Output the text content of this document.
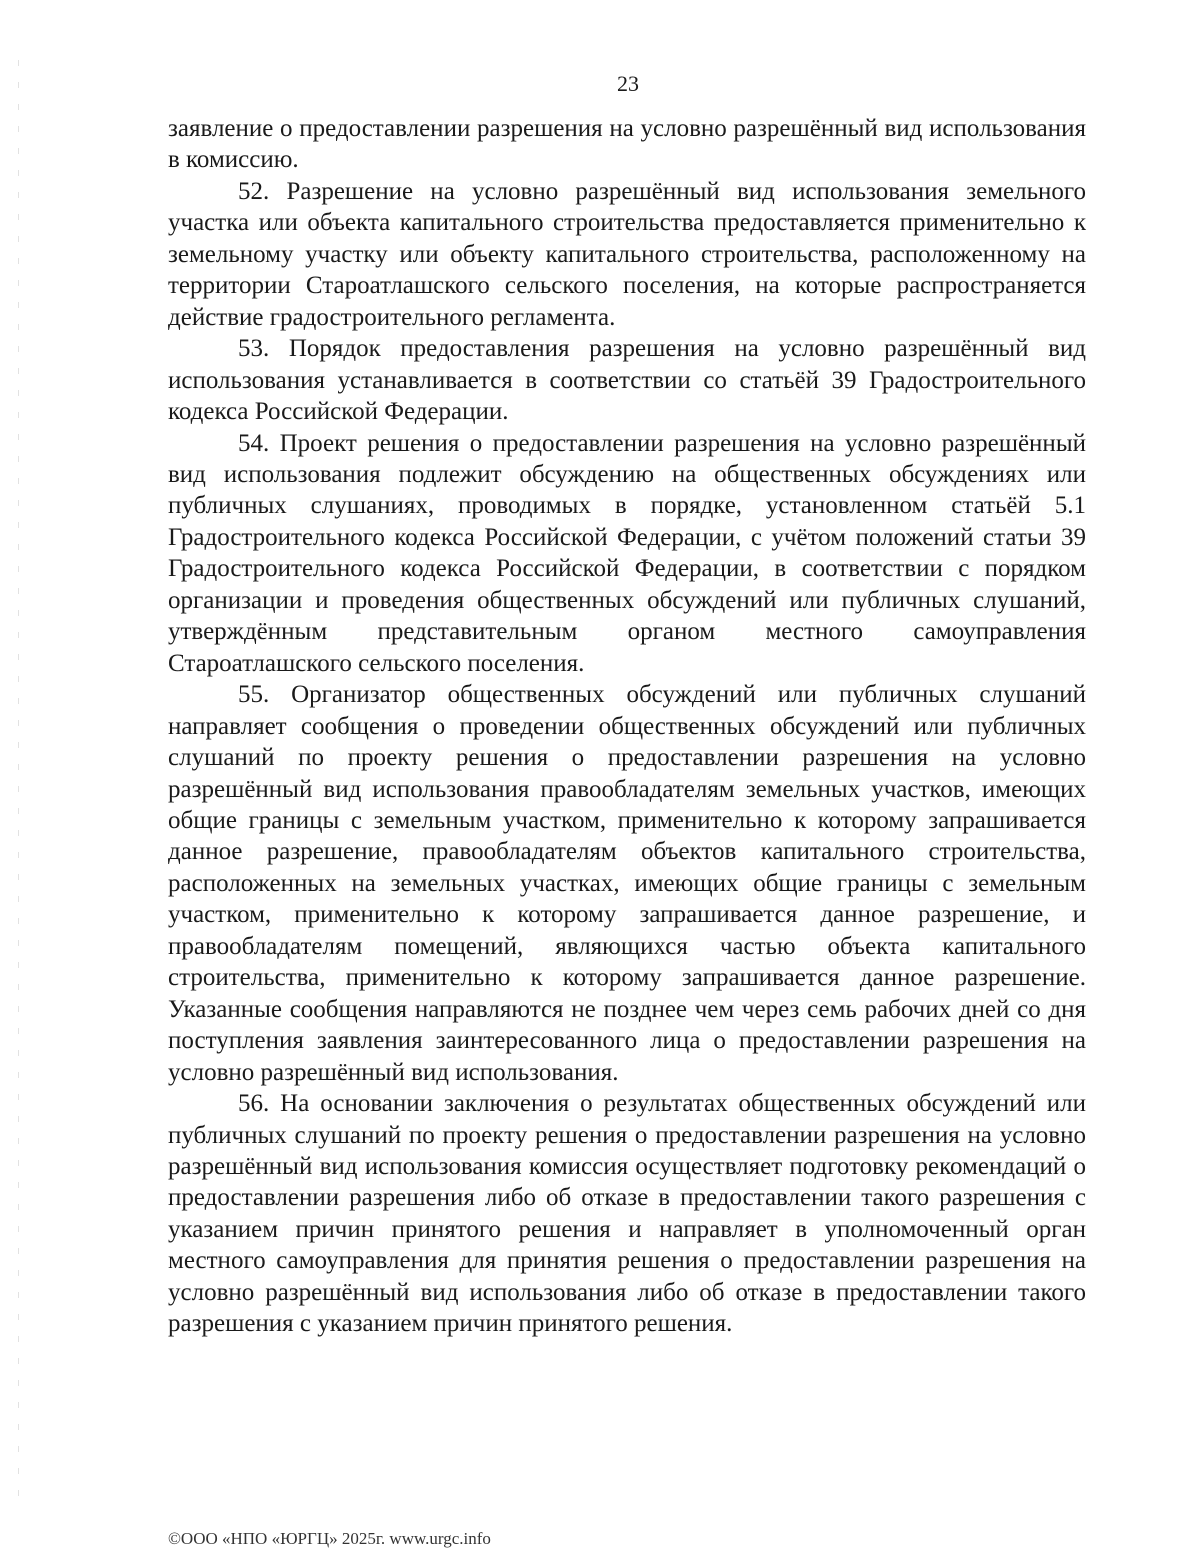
23

заявление о предоставлении разрешения на условно разрешённый вид использования в комиссию.

52. Разрешение на условно разрешённый вид использования земельного участка или объекта капитального строительства предоставляется применительно к земельному участку или объекту капитального строительства, расположенному на территории Староатлашского сельского поселения, на которые распространяется действие градостроительного регламента.

53. Порядок предоставления разрешения на условно разрешённый вид использования устанавливается в соответствии со статьёй 39 Градостроительного кодекса Российской Федерации.

54. Проект решения о предоставлении разрешения на условно разрешённый вид использования подлежит обсуждению на общественных обсуждениях или публичных слушаниях, проводимых в порядке, установленном статьёй 5.1 Градостроительного кодекса Российской Федерации, с учётом положений статьи 39 Градостроительного кодекса Российской Федерации, в соответствии с порядком организации и проведения общественных обсуждений или публичных слушаний, утверждённым представительным органом местного самоуправления Староатлашского сельского поселения.

55. Организатор общественных обсуждений или публичных слушаний направляет сообщения о проведении общественных обсуждений или публичных слушаний по проекту решения о предоставлении разрешения на условно разрешённый вид использования правообладателям земельных участков, имеющих общие границы с земельным участком, применительно к которому запрашивается данное разрешение, правообладателям объектов капитального строительства, расположенных на земельных участках, имеющих общие границы с земельным участком, применительно к которому запрашивается данное разрешение, и правообладателям помещений, являющихся частью объекта капитального строительства, применительно к которому запрашивается данное разрешение. Указанные сообщения направляются не позднее чем через семь рабочих дней со дня поступления заявления заинтересованного лица о предоставлении разрешения на условно разрешённый вид использования.

56. На основании заключения о результатах общественных обсуждений или публичных слушаний по проекту решения о предоставлении разрешения на условно разрешённый вид использования комиссия осуществляет подготовку рекомендаций о предоставлении разрешения либо об отказе в предоставлении такого разрешения с указанием причин принятого решения и направляет в уполномоченный орган местного самоуправления для принятия решения о предоставлении разрешения на условно разрешённый вид использования либо об отказе в предоставлении такого разрешения с указанием причин принятого решения.

©ООО «НПО «ЮРГЦ» 2025г. www.urgc.info
